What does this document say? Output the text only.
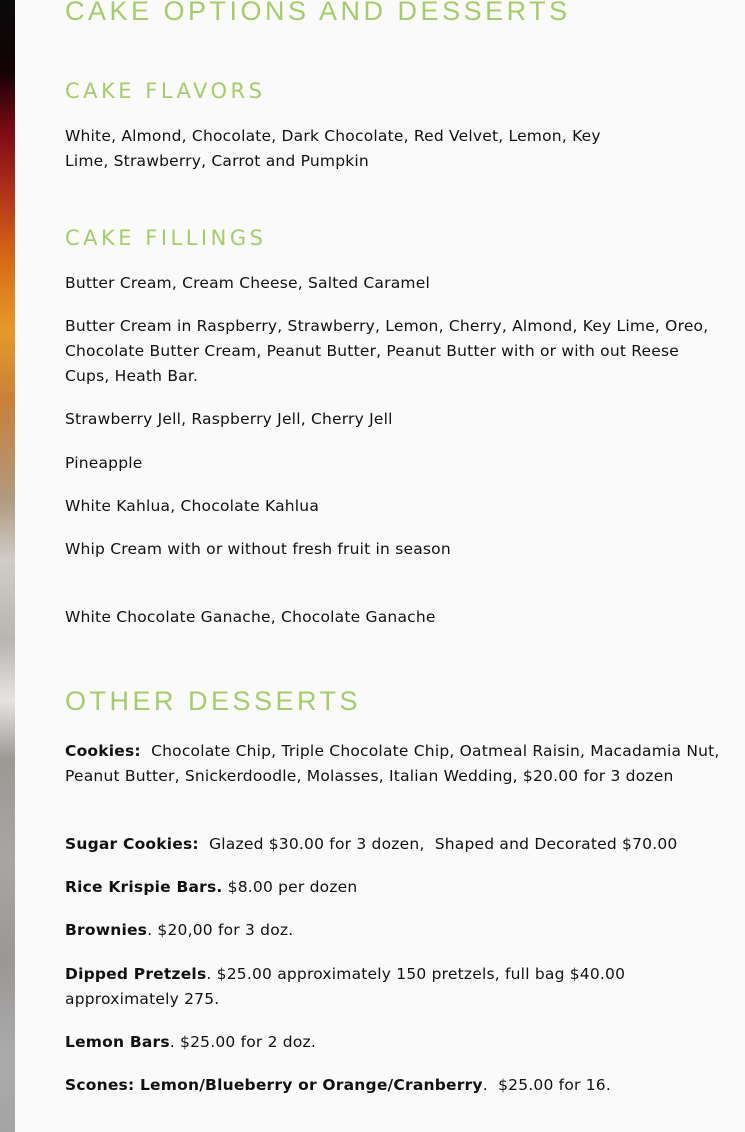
CAKE OPTIONS AND DESSERTS
CAKE FLAVORS

White, Almond, Chocolate, Dark Chocolate, Red Velvet, Lemon, Key
Lime, Strawberry, Carrot and Pumpkin

CAKE FILLINGS

Butter Cream, Cream Cheese, Salted Caramel

Butter Cream in Raspberry, Strawberry, Lemon, Cherry, Almond, Key Lime, Oreo, Chocolate Butter Cream, Peanut Butter, Peanut Butter with or with out Reese Cups, Heath Bar.

Strawberry Jell, Raspberry Jell, Cherry Jell

Pineapple

White Kahlua, Chocolate Kahlua

Whip Cream with or without fresh fruit in season

White Chocolate Ganache, Chocolate Ganache

OTHER DESSERTS

Cookies:  Chocolate Chip, Triple Chocolate Chip, Oatmeal Raisin, Macadamia Nut, Peanut Butter, Snickerdoodle, Molasses, Italian Wedding, $20.00 for 3 dozen

Sugar Cookies:  Glazed $30.00 for 3 dozen,  Shaped and Decorated $70.00

Rice Krispie Bars. $8.00 per dozen

Brownies. $20,00 for 3 doz.

Dipped Pretzels. $25.00 approximately 150 pretzels, full bag $40.00 approximately 275.

Lemon Bars. $25.00 for 2 doz.

Scones: Lemon/Blueberry or Orange/Cranberry.  $25.00 for 16.
